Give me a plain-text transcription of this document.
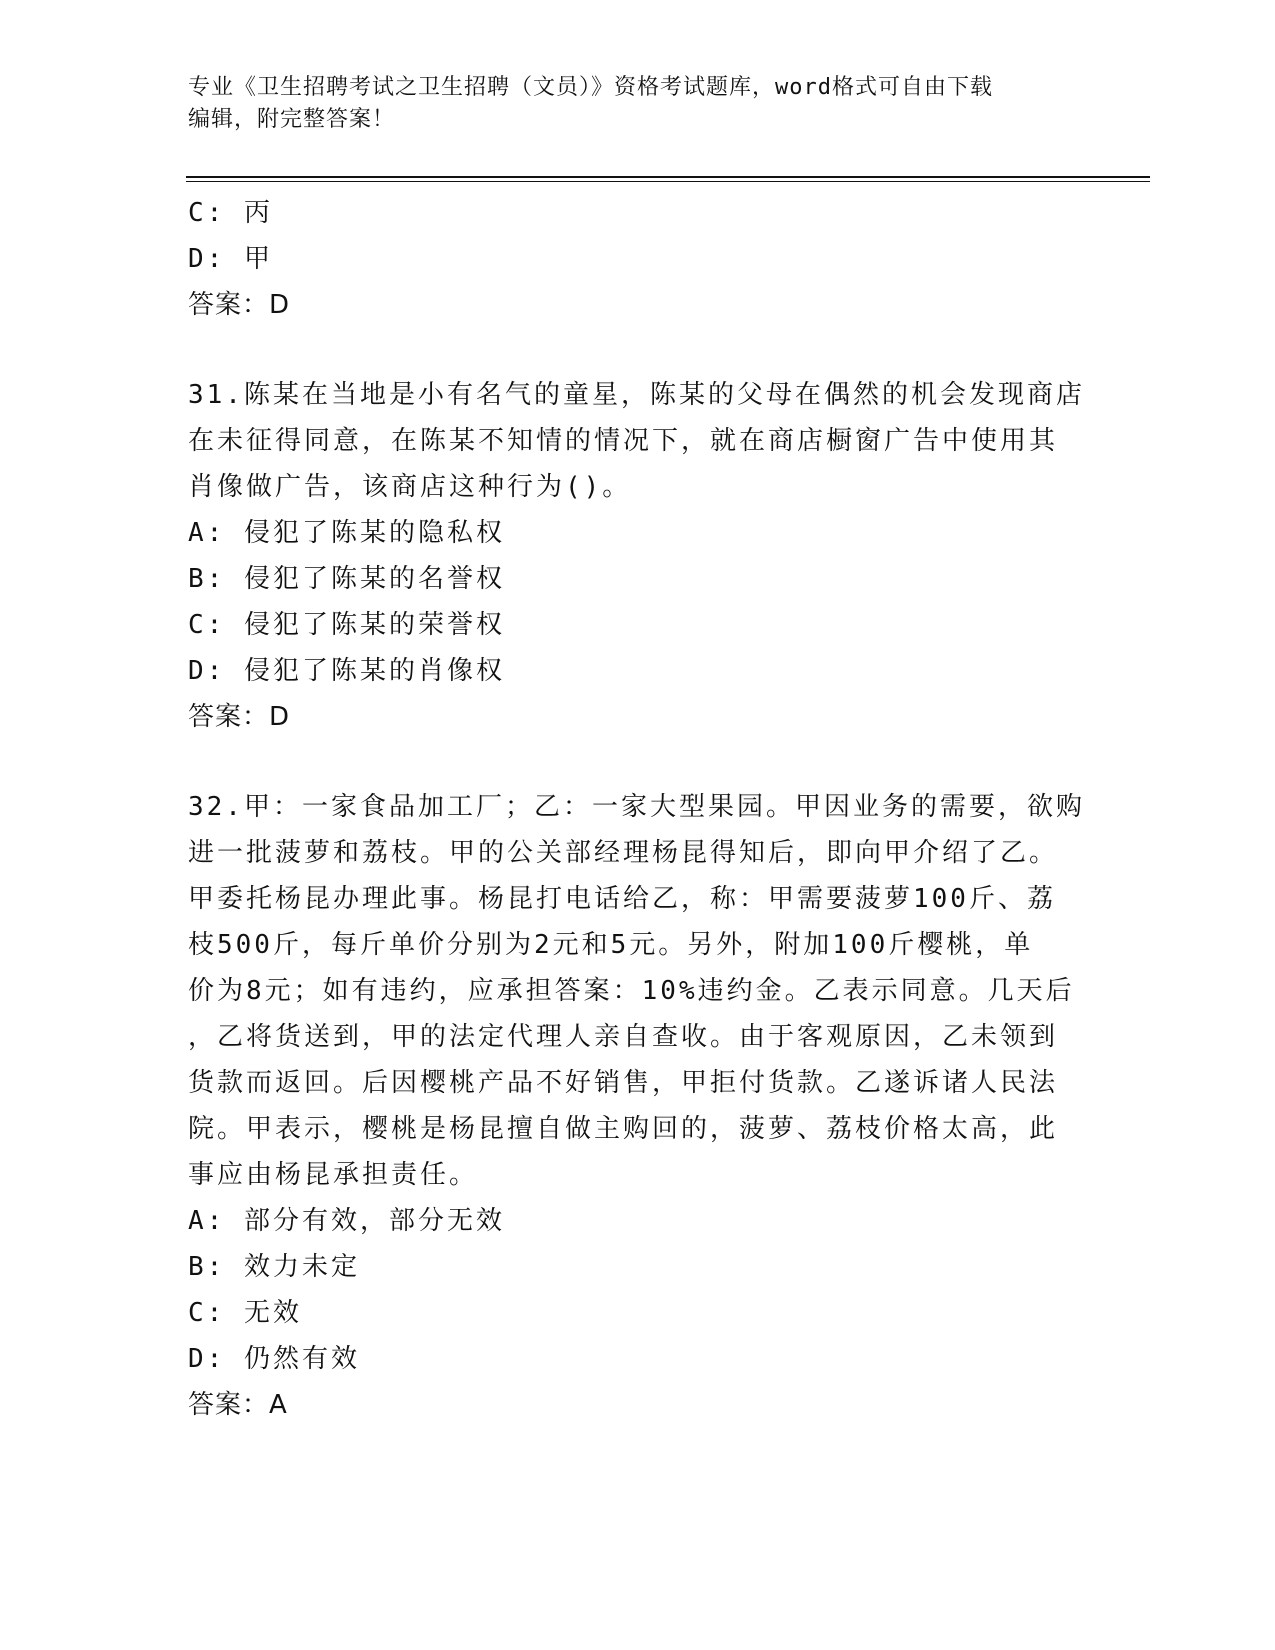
专业《卫生招聘考试之卫生招聘（文员）》资格考试题库，word格式可自由下载
编辑，附完整答案！
C: 丙
D: 甲
答案：D
31.陈某在当地是小有名气的童星，陈某的父母在偶然的机会发现商店
在未征得同意，在陈某不知情的情况下，就在商店橱窗广告中使用其
肖像做广告，该商店这种行为()。
A: 侵犯了陈某的隐私权
B: 侵犯了陈某的名誉权
C: 侵犯了陈某的荣誉权
D: 侵犯了陈某的肖像权
答案：D
32.甲：一家食品加工厂；乙：一家大型果园。甲因业务的需要，欲购
进一批菠萝和荔枝。甲的公关部经理杨昆得知后，即向甲介绍了乙。
甲委托杨昆办理此事。杨昆打电话给乙，称：甲需要菠萝100斤、荔
枝500斤，每斤单价分别为2元和5元。另外，附加100斤樱桃，单
价为8元；如有违约，应承担答案：10%违约金。乙表示同意。几天后
，乙将货送到，甲的法定代理人亲自查收。由于客观原因，乙未领到
货款而返回。后因樱桃产品不好销售，甲拒付货款。乙遂诉诸人民法
院。甲表示，樱桃是杨昆擅自做主购回的，菠萝、荔枝价格太高，此
事应由杨昆承担责任。
A: 部分有效，部分无效
B: 效力未定
C: 无效
D: 仍然有效
答案：A
